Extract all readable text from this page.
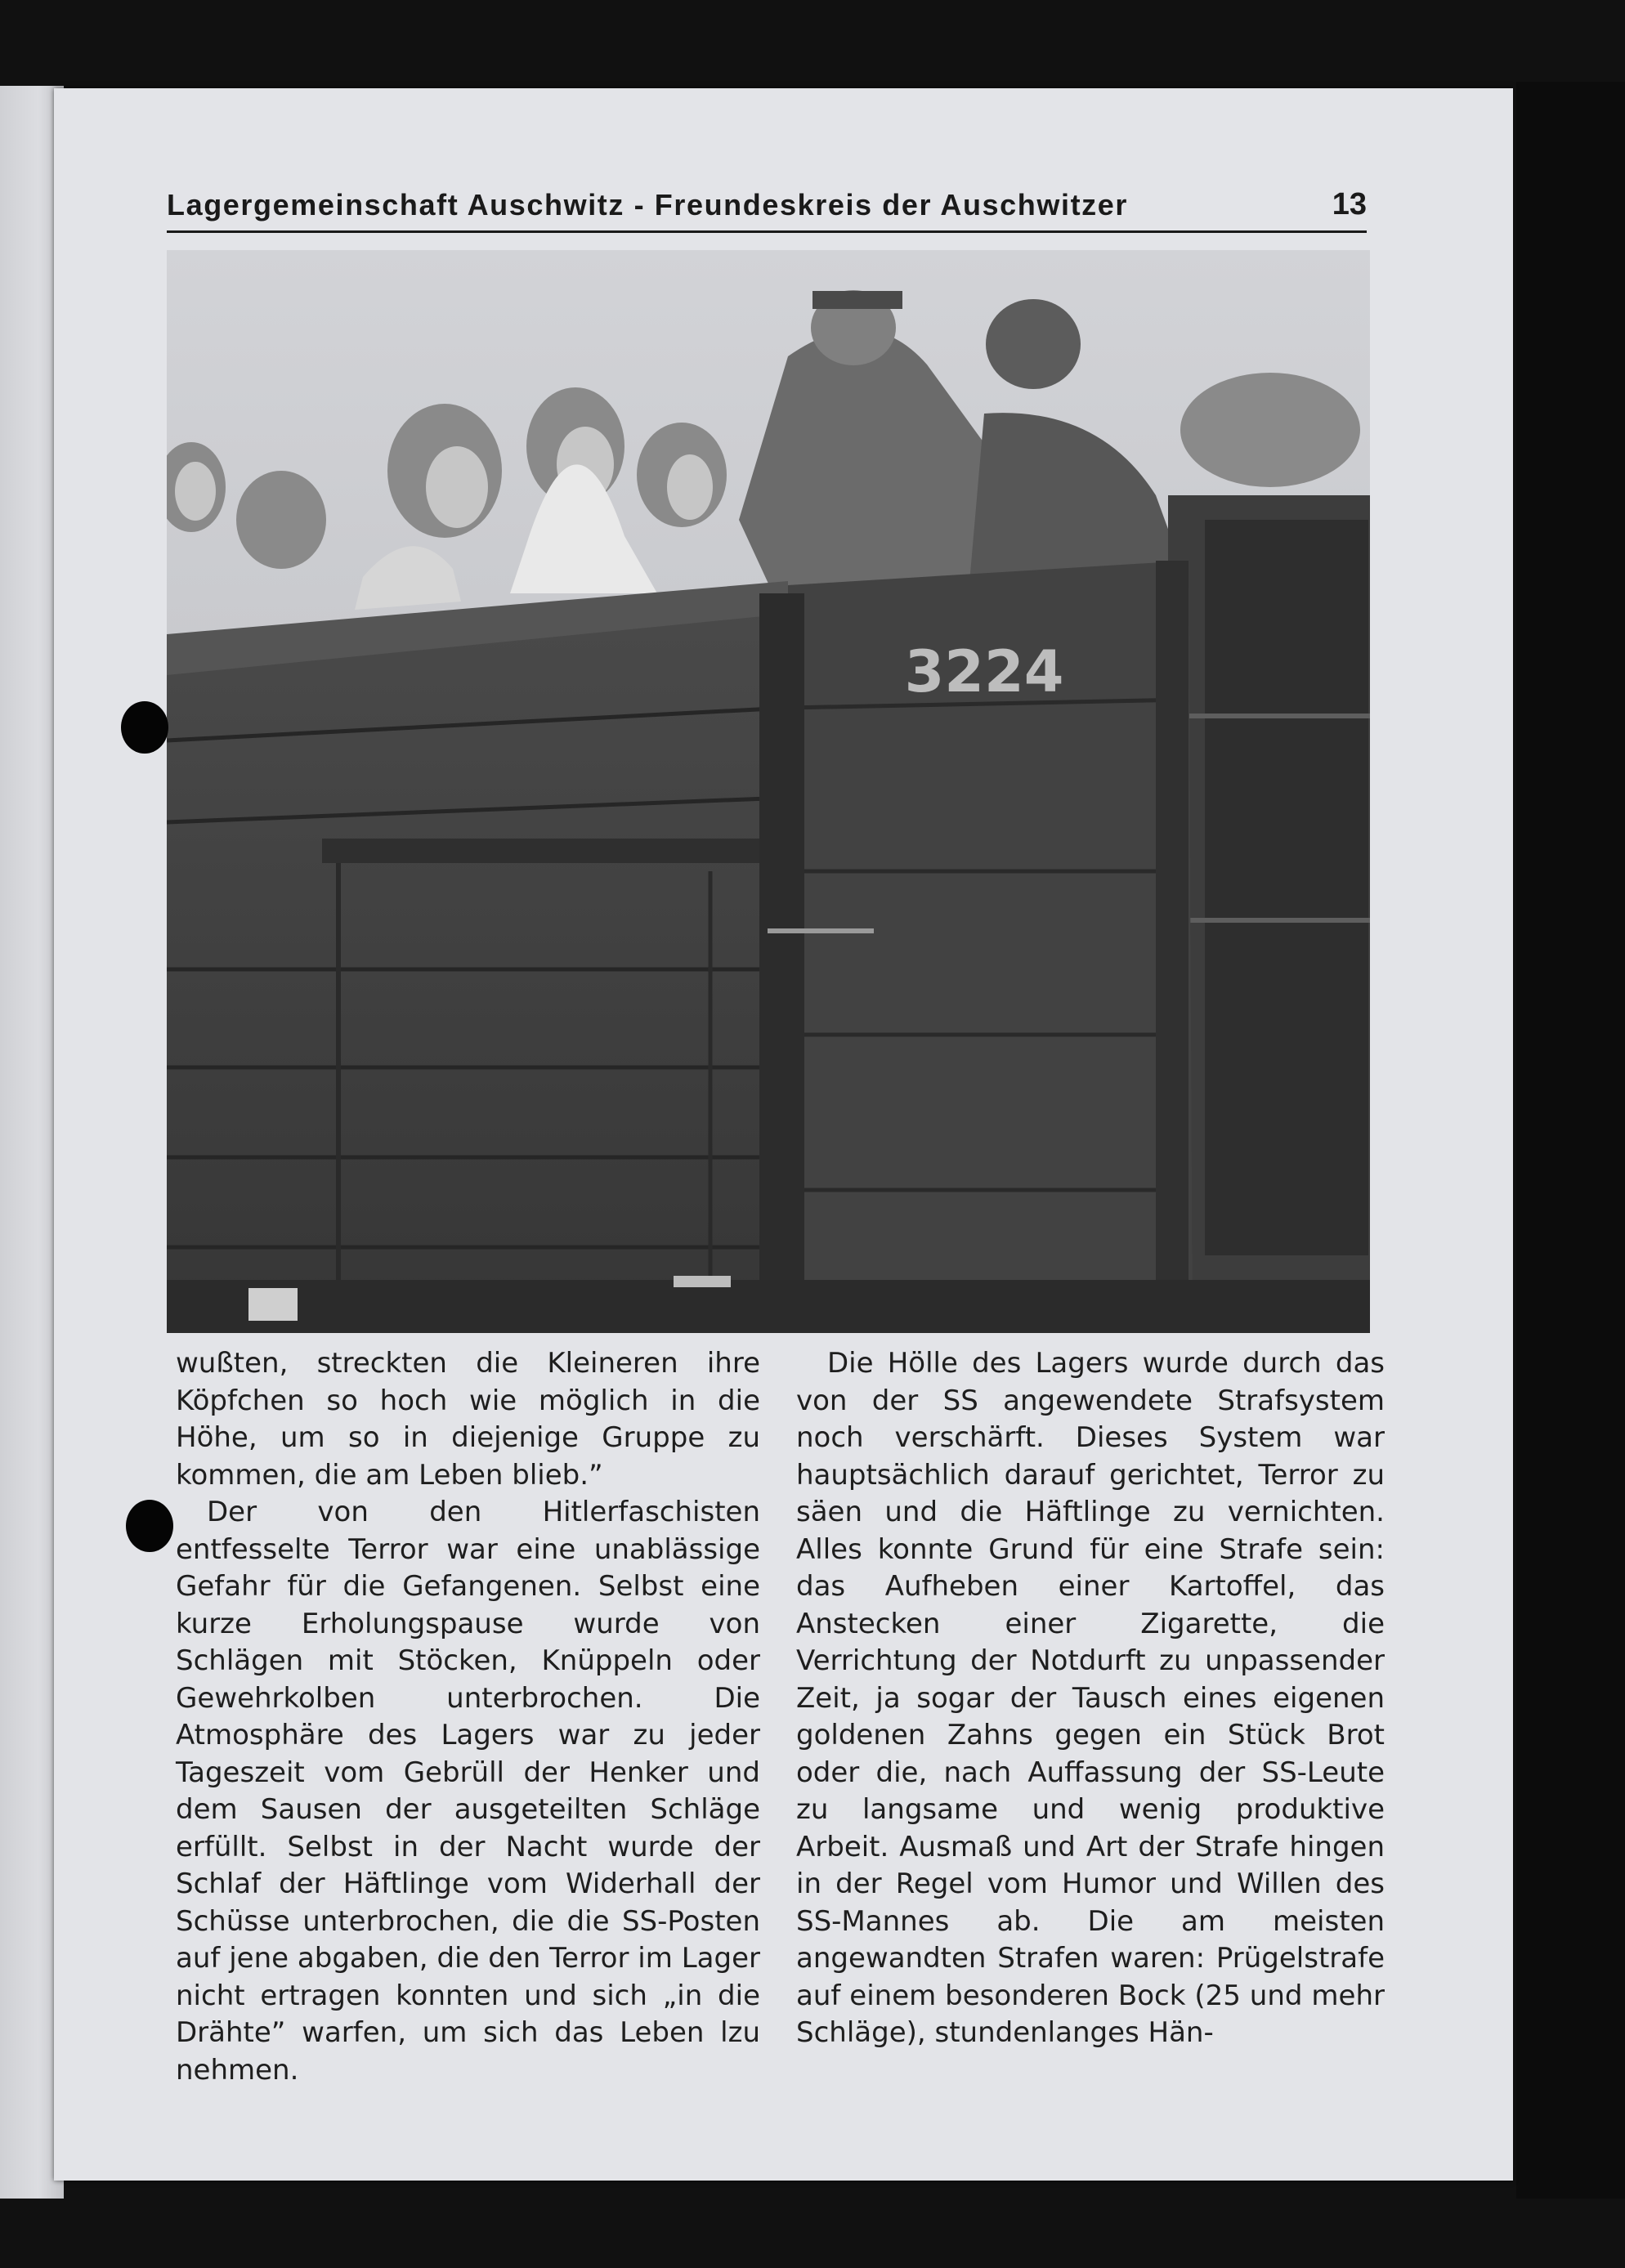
Lagergemeinschaft Auschwitz - Freundeskreis der Auschwitzer	13
3224

wußten, streckten die Kleineren ihre Köpfchen so hoch wie möglich in die Höhe, um so in diejenige Gruppe zu kommen, die am Leben blieb.”

Der von den Hitlerfaschisten entfesselte Terror war eine unablässige Gefahr für die Gefangenen. Selbst eine kurze Erholungspause wurde von Schlägen mit Stöcken, Knüppeln oder Gewehrkolben unterbrochen. Die Atmosphäre des Lagers war zu jeder Tageszeit vom Gebrüll der Henker und dem Sausen der ausgeteilten Schläge erfüllt. Selbst in der Nacht wurde der Schlaf der Häftlinge vom Widerhall der Schüsse unterbrochen, die die SS-Posten auf jene abgaben, die den Terror im Lager nicht ertragen konnten und sich „in die Drähte” warfen, um sich das Leben lzu nehmen.

Die Hölle des Lagers wurde durch das von der SS angewendete Strafsystem noch verschärft. Dieses System war hauptsächlich darauf gerichtet, Terror zu säen und die Häftlinge zu vernichten. Alles konnte Grund für eine Strafe sein: das Aufheben einer Kartoffel, das Anstecken einer Zigarette, die Verrichtung der Notdurft zu unpassender Zeit, ja sogar der Tausch eines eigenen goldenen Zahns gegen ein Stück Brot oder die, nach Auffassung der SS-Leute zu langsame und wenig produktive Arbeit. Ausmaß und Art der Strafe hingen in der Regel vom Humor und Willen des SS-Mannes ab. Die am meisten angewandten Strafen waren: Prügelstrafe auf einem besonderen Bock (25 und mehr Schläge), stundenlanges Hän-
